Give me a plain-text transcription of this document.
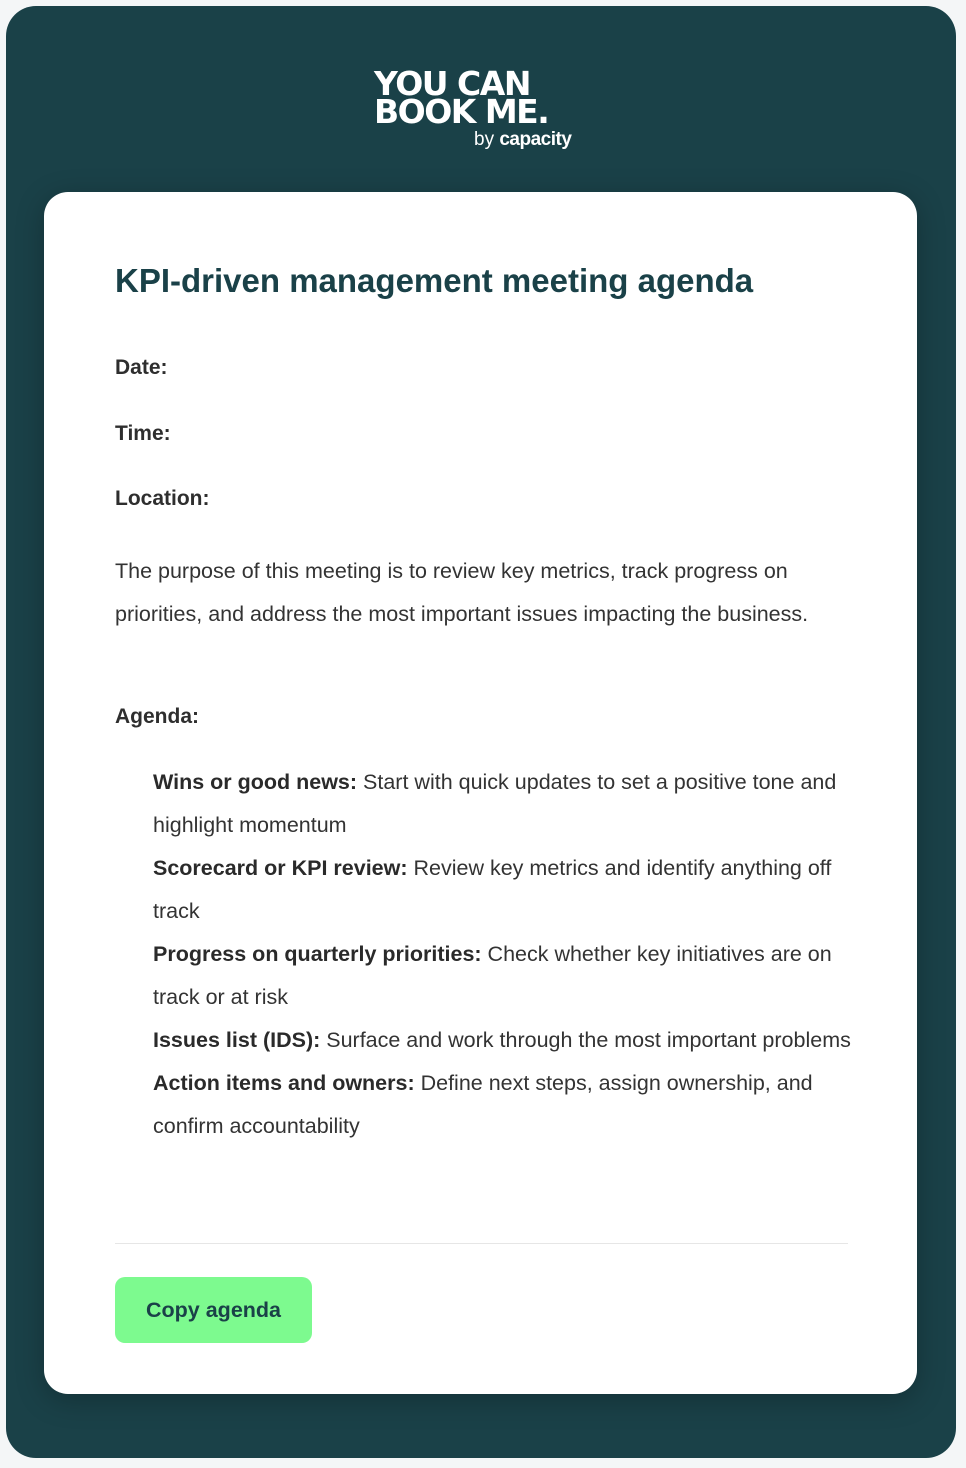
YOU CAN
BOOK ME.
by capacity
KPI-driven management meeting agenda
Date:
Time:
Location:

The purpose of this meeting is to review key metrics, track progress on priorities, and address the most important issues impacting the business.

Agenda:
Wins or good news: Start with quick updates to set a positive tone and highlight momentum
Scorecard or KPI review: Review key metrics and identify anything off track
Progress on quarterly priorities: Check whether key initiatives are on track or at risk
Issues list (IDS): Surface and work through the most important problems
Action items and owners: Define next steps, assign ownership, and confirm accountability
Copy agenda
